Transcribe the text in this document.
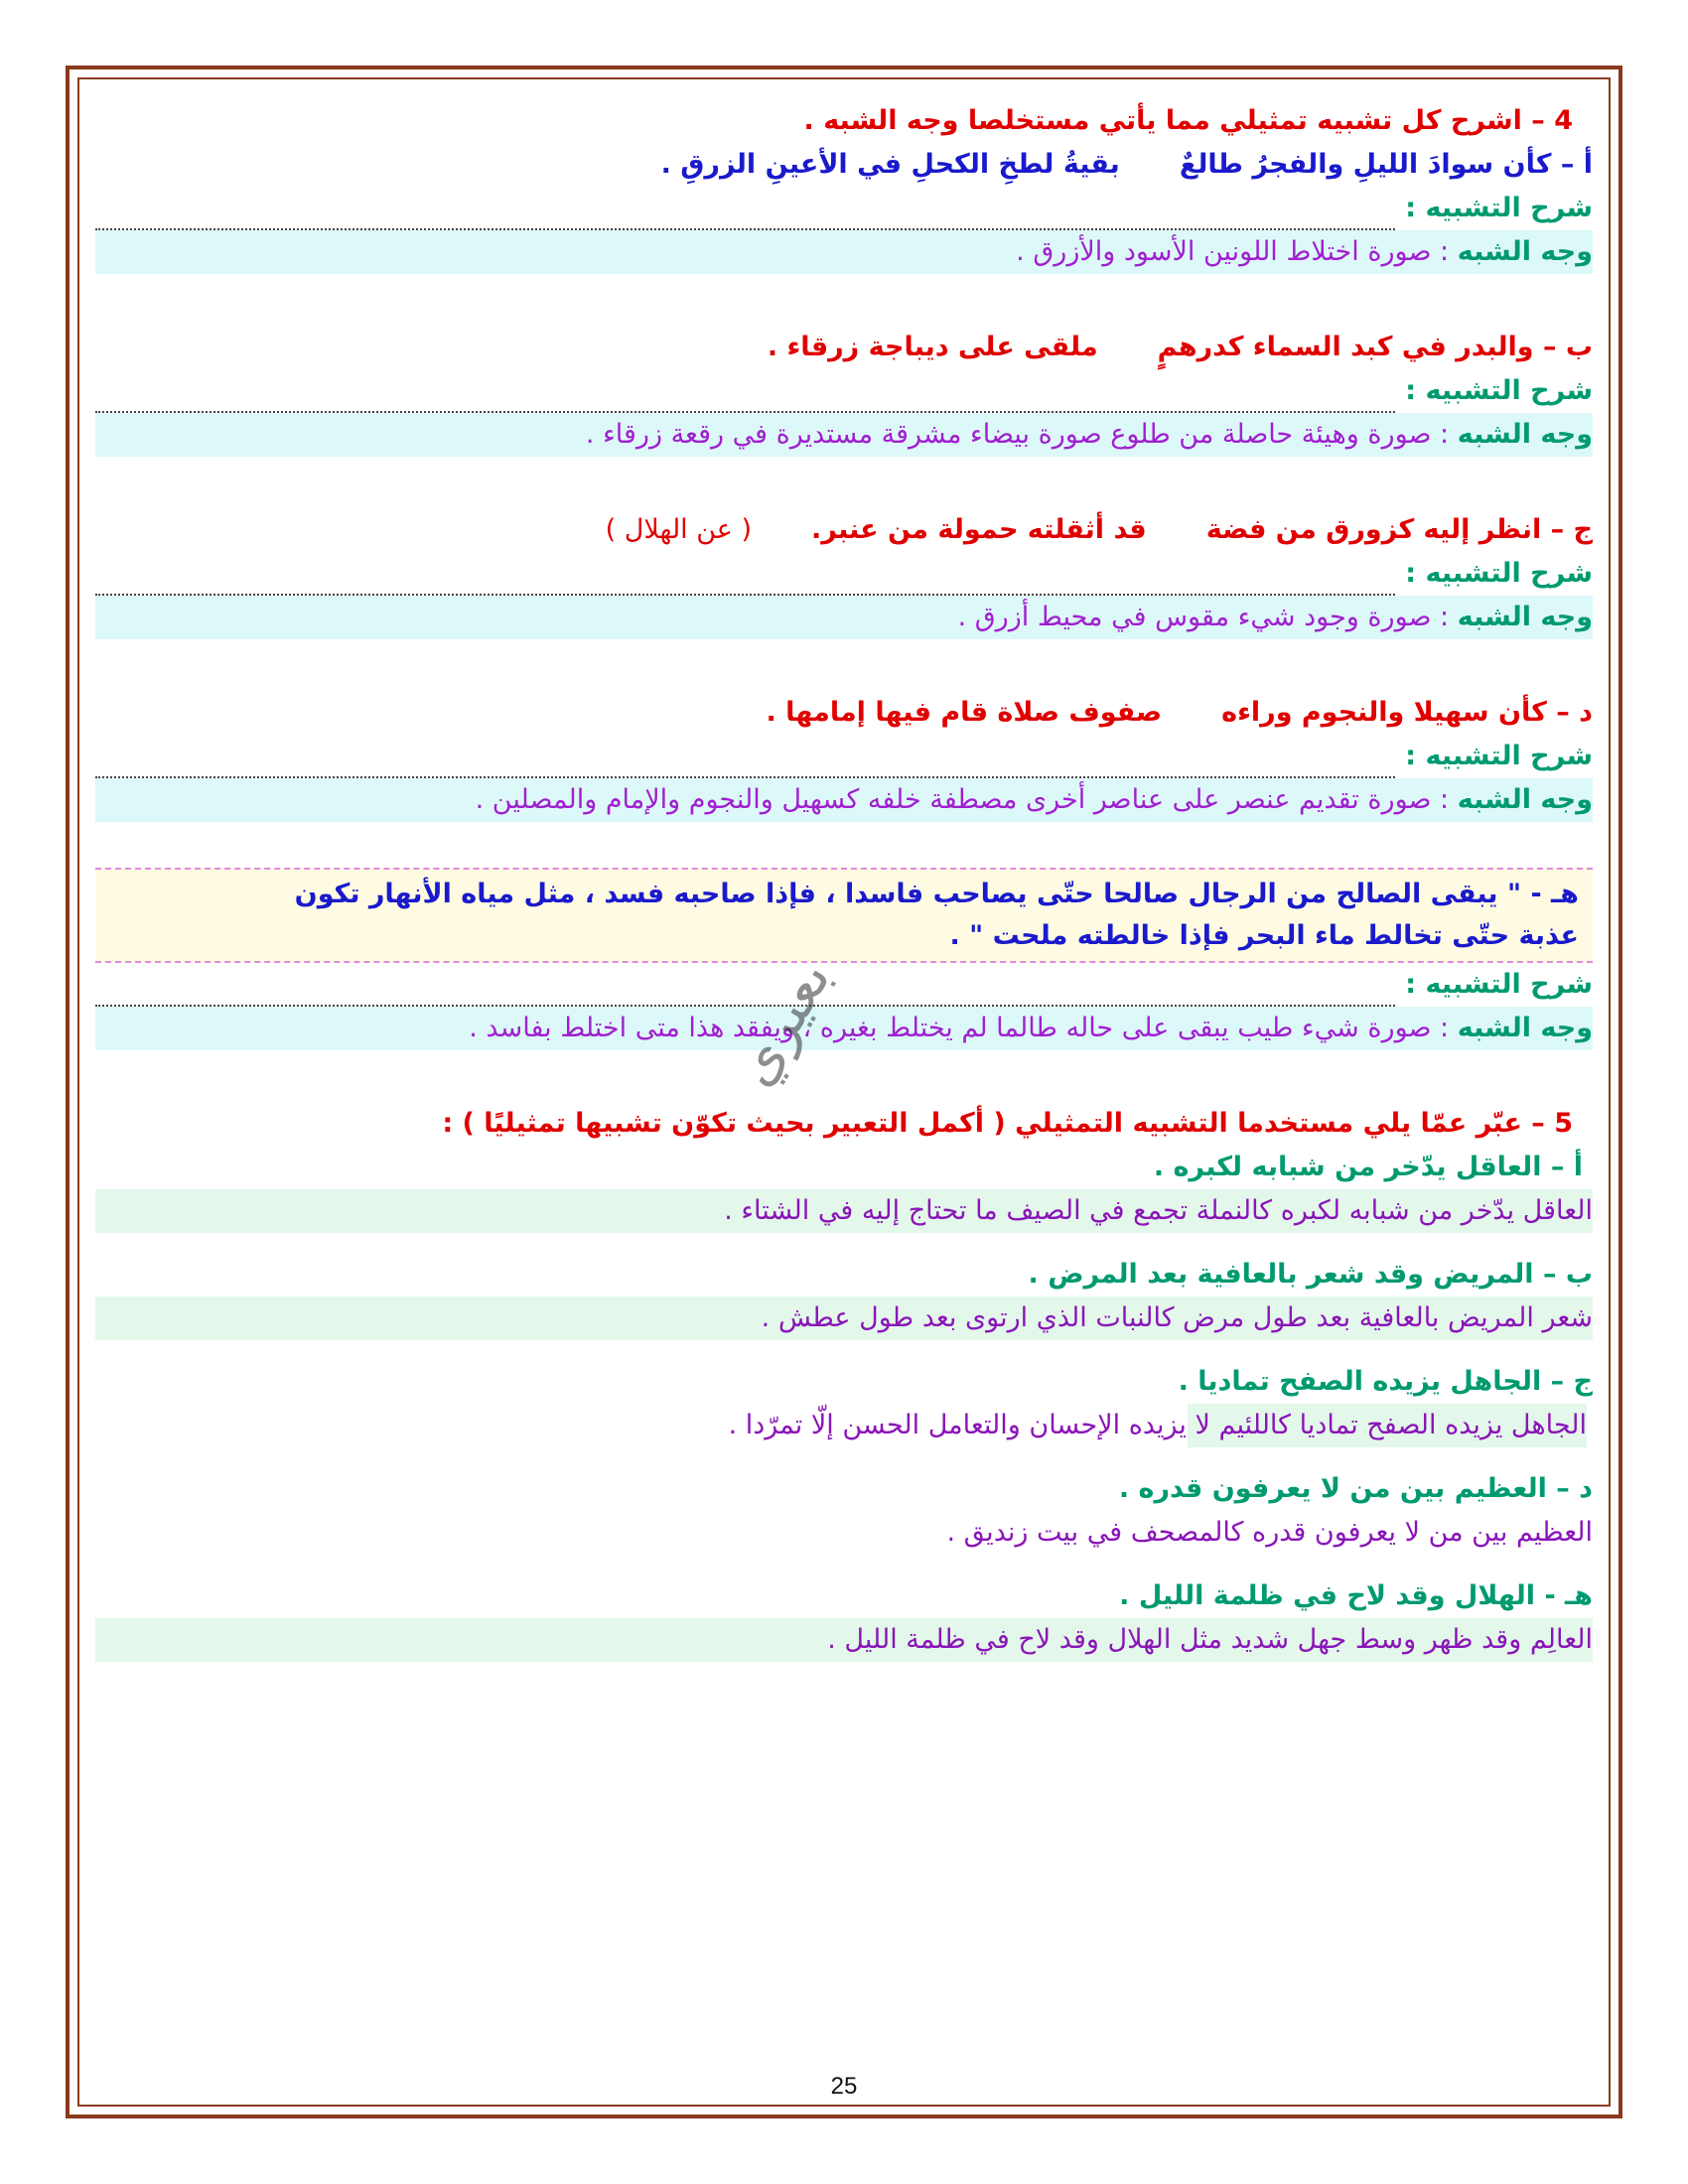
4 – اشرح كل تشبيه تمثيلي مما يأتي مستخلصا وجه الشبه .
أ – كأن سوادَ الليلِ والفجرُ طالعٌبقيةُ لطخِ الكحلِ في الأعينِ الزرقِ .
شرح التشبيه :
وجه الشبه : صورة اختلاط اللونين الأسود والأزرق .
ب – والبدر في كبد السماء كدرهمٍملقى على ديباجة زرقاء .
شرح التشبيه :
وجه الشبه : صورة وهيئة حاصلة من طلوع صورة بيضاء مشرقة مستديرة في رقعة زرقاء .
ج – انظر إليه كزورق من فضةقد أثقلته حمولة من عنبر.( عن الهلال )
شرح التشبيه :
وجه الشبه : صورة وجود شيء مقوس في محيط أزرق .
د – كأن سهيلا والنجوم وراءهصفوف صلاة قام فيها إمامها .
شرح التشبيه :
وجه الشبه : صورة تقديم عنصر على عناصر أخرى مصطفة خلفه كسهيل والنجوم والإمام والمصلين .
هـ - " يبقى الصالح من الرجال صالحا حتّى يصاحب فاسدا ، فإذا صاحبه فسد ، مثل مياه الأنهار تكون
عذبة حتّى تخالط ماء البحر فإذا خالطته ملحت " .
شرح التشبيه :
وجه الشبه : صورة شيء طيب يبقى على حاله طالما لم يختلط بغيره ، ويفقد هذا متى اختلط بفاسد .
5 – عبّر عمّا يلي مستخدما التشبيه التمثيلي ( أكمل التعبير بحيث تكوّن تشبيها تمثيليًا ) :
أ – العاقل يدّخر من شبابه لكبره .
العاقل يدّخر من شبابه لكبره كالنملة تجمع في الصيف ما تحتاج إليه في الشتاء .
ب – المريض وقد شعر بالعافية بعد المرض .
شعر المريض بالعافية بعد طول مرض كالنبات الذي ارتوى بعد طول عطش .
ج – الجاهل يزيده الصفح تماديا .
الجاهل يزيده الصفح تماديا كاللئيم لا يزيده الإحسان والتعامل الحسن إلّا تمرّدا .
د – العظيم بين من لا يعرفون قدره .
العظيم بين من لا يعرفون قدره كالمصحف في بيت زنديق .
هـ - الهلال وقد لاح في ظلمة الليل .
العالِم وقد ظهر وسط جهل شديد مثل الهلال وقد لاح في ظلمة الليل .
بعيري
25
